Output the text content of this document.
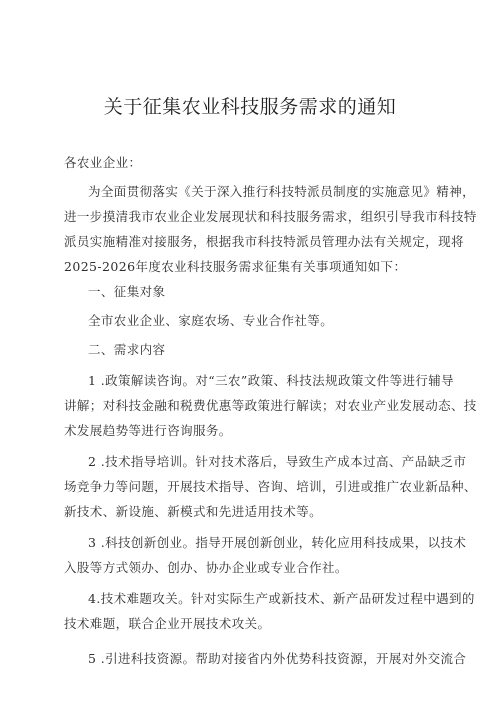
关于征集农业科技服务需求的通知
各农业企业：
为全面贯彻落实《关于深入推行科技特派员制度的实施意见》精神，
进一步摸清我市农业企业发展现状和科技服务需求，组织引导我市科技特
派员实施精准对接服务，根据我市科技特派员管理办法有关规定，现将
2025-2026年度农业科技服务需求征集有关事项通知如下：
一、征集对象
全市农业企业、家庭农场、专业合作社等。
二、需求内容
1 .政策解读咨询。对“三农”政策、科技法规政策文件等进行辅导
讲解；对科技金融和税费优惠等政策进行解读；对农业产业发展动态、技
术发展趋势等进行咨询服务。
2 .技术指导培训。针对技术落后，导致生产成本过高、产品缺乏市
场竞争力等问题，开展技术指导、咨询、培训，引进或推广农业新品种、
新技术、新设施、新模式和先进适用技术等。
3 .科技创新创业。指导开展创新创业，转化应用科技成果，以技术
入股等方式领办、创办、协办企业或专业合作社。
4.技术难题攻关。针对实际生产或新技术、新产品研发过程中遇到的
技术难题，联合企业开展技术攻关。
5 .引进科技资源。帮助对接省内外优势科技资源，开展对外交流合
